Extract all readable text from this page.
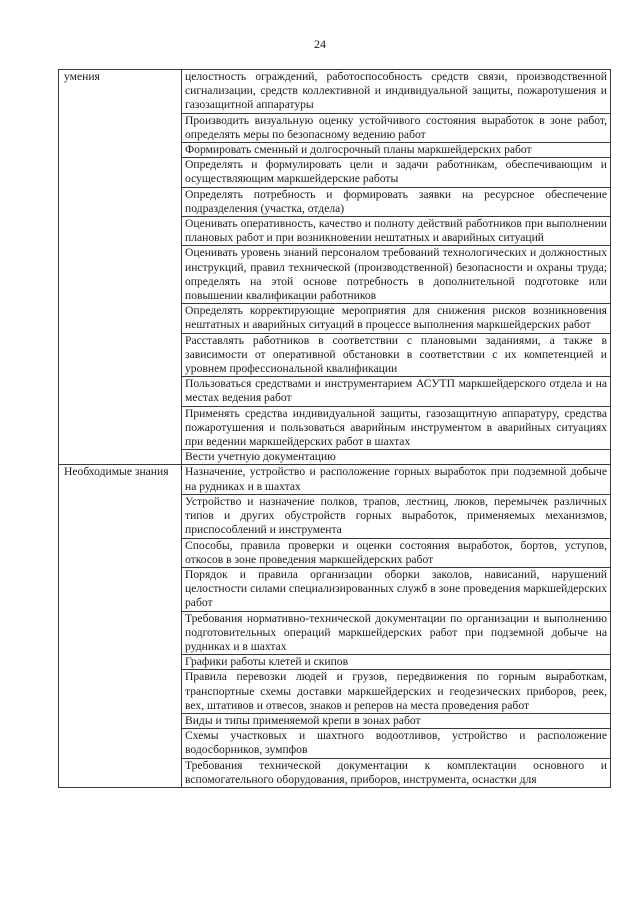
24
умения	целостность ограждений, работоспособность средств связи, производственной сигнализации, средств коллективной и индивидуальной защиты, пожаротушения и газозащитной аппаратуры
	Производить визуальную оценку устойчивого состояния выработок в зоне работ, определять меры по безопасному ведению работ
	Формировать сменный и долгосрочный планы маркшейдерских работ
	Определять и формулировать цели и задачи работникам, обеспечивающим и осуществляющим маркшейдерские работы
	Определять потребность и формировать заявки на ресурсное обеспечение подразделения (участка, отдела)
	Оценивать оперативность, качество и полноту действий работников при выполнении плановых работ и при возникновении нештатных и аварийных ситуаций
	Оценивать уровень знаний персоналом требований технологических и должностных инструкций, правил технической (производственной) безопасности и охраны труда; определять на этой основе потребность в дополнительной подготовке или повышении квалификации работников
	Определять корректирующие мероприятия для снижения рисков возникновения нештатных и аварийных ситуаций в процессе выполнения маркшейдерских работ
	Расставлять работников в соответствии с плановыми заданиями, а также в зависимости от оперативной обстановки в соответствии с их компетенцией и уровнем профессиональной квалификации
	Пользоваться средствами и инструментарием АСУТП маркшейдерского отдела и на местах ведения работ
	Применять средства индивидуальной защиты, газозащитную аппаратуру, средства пожаротушения и пользоваться аварийным инструментом в аварийных ситуациях при ведении маркшейдерских работ в шахтах
	Вести учетную документацию
Необходимые знания	Назначение, устройство и расположение горных выработок при подземной добыче на рудниках и в шахтах
	Устройство и назначение полков, трапов, лестниц, люков, перемычек различных типов и других обустройств горных выработок, применяемых механизмов, приспособлений и инструмента
	Способы, правила проверки и оценки состояния выработок, бортов, уступов, откосов в зоне проведения маркшейдерских работ
	Порядок и правила организации оборки заколов, нависаний, нарушений целостности силами специализированных служб в зоне проведения маркшейдерских работ
	Требования нормативно-технической документации по организации и выполнению подготовительных операций маркшейдерских работ при подземной добыче на рудниках и в шахтах
	Графики работы клетей и скипов
	Правила перевозки людей и грузов, передвижения по горным выработкам, транспортные схемы доставки маркшейдерских и геодезических приборов, реек, вех, штативов и отвесов, знаков и реперов на места проведения работ
	Виды и типы применяемой крепи в зонах работ
	Схемы участковых и шахтного водоотливов, устройство и расположение водосборников, зумпфов
	Требования технической документации к комплектации основного и вспомогательного оборудования, приборов, инструмента, оснастки для
